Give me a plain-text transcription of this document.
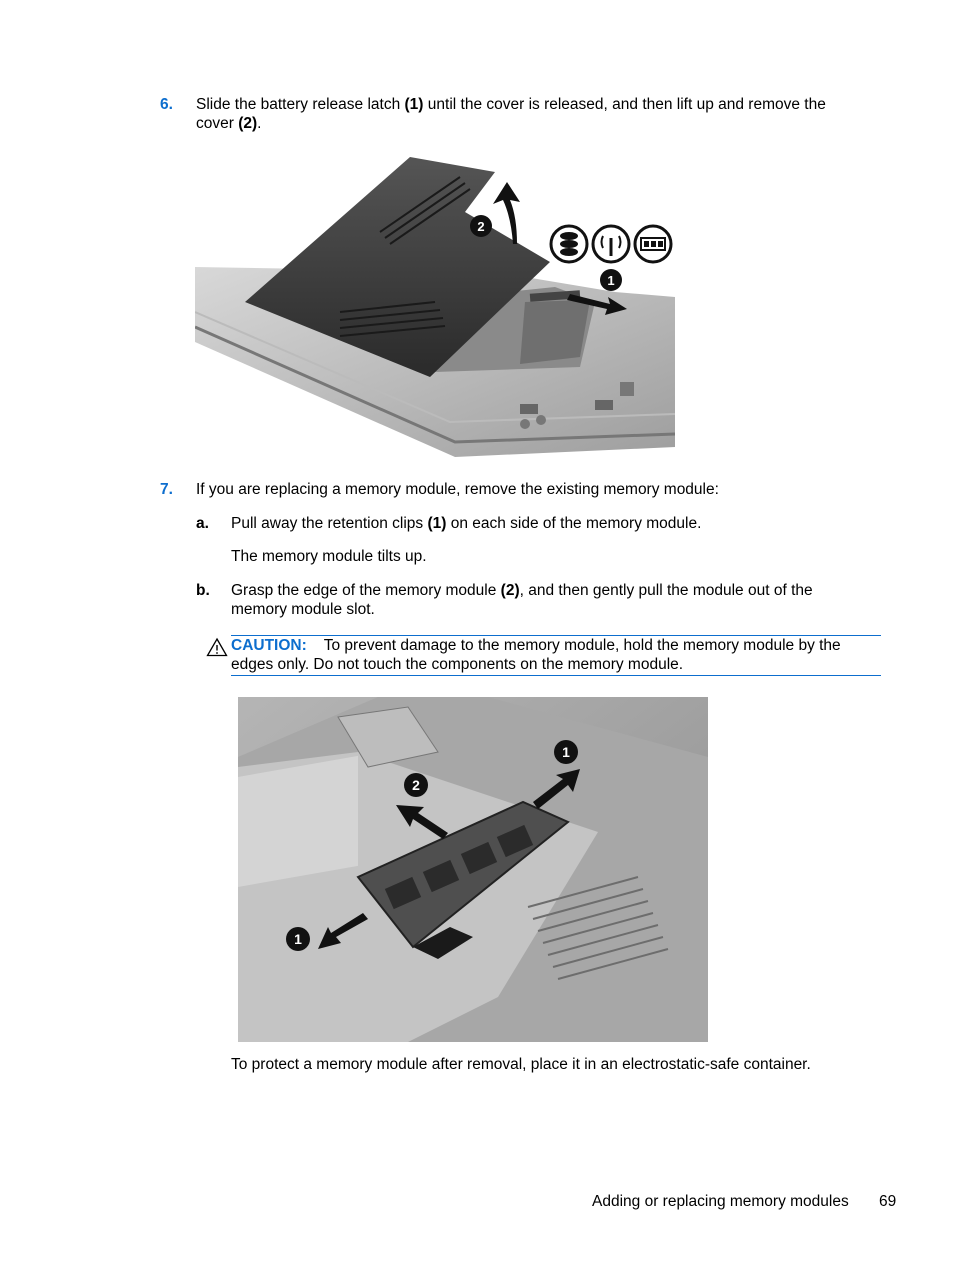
6. Slide the battery release latch (1) until the cover is released, and then lift up and remove the
cover (2).
2
1
7. If you are replacing a memory module, remove the existing memory module:
a. Pull away the retention clips (1) on each side of the memory module.
The memory module tilts up.
b. Grasp the edge of the memory module (2), and then gently pull the module out of the
memory module slot.
CAUTION: To prevent damage to the memory module, hold the memory module by the
edges only. Do not touch the components on the memory module.
2
1
1
To protect a memory module after removal, place it in an electrostatic-safe container.
Adding or replacing memory modules 69
